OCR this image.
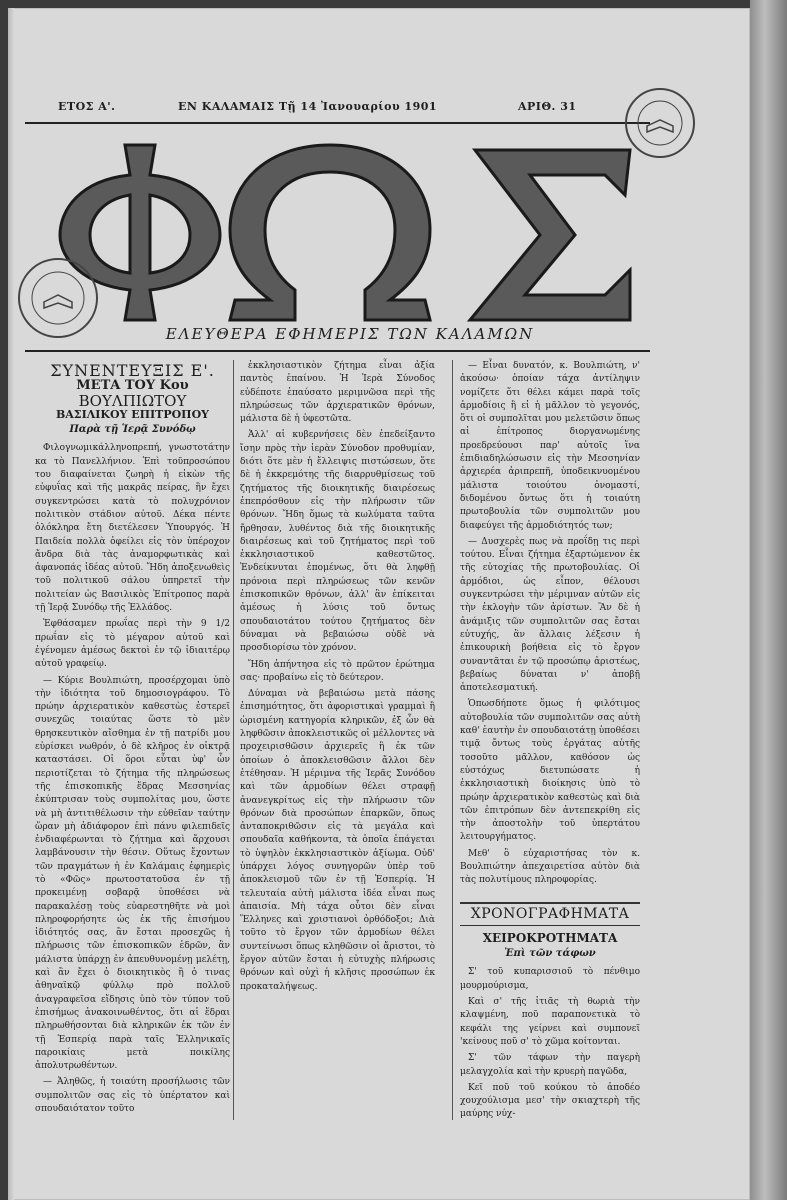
ΕΤΟΣ Α'.	ΕΝ ΚΑΛΑΜΑΙΣ Τῇ 14 Ἰανουαρίου 1901	ΑΡΙΘ. 31
ΕΛΕΥΘΕΡΑ ΕΦΗΜΕΡΙΣ ΤΩΝ ΚΑΛΑΜΩΝ
ΣΥΝΕΝΤΕΥΞΙΣ Ε'.
ΜΕΤΑ ΤΟΥ Κου
ΒΟΥΛΠΙΩΤΟΥ
ΒΑΣΙΛΙΚΟΥ ΕΠΙΤΡΟΠΟΥ
Παρὰ τῇ Ἱερᾷ Συνόδῳ

Φιλογνωμικάλληνοπρεπή, γνωστοτάτην κα τὸ Πανελλήνιον. Ἐπὶ τοῦπροσώπου του διαφαίνεται ζωηρὴ ἡ εἰκὼν τῆς εὐφυΐας καὶ τῆς μακρᾶς πείρας, ἣν ἔχει συγκεντρώσει κατὰ τὸ πολυχρόνιον πολιτικὸν στάδιον αὐτοῦ. Δέκα πέντε ὁλόκληρα ἔτη διετέλεσεν Ὑπουργός. Ἡ Παιδεία πολλὰ ὀφείλει εἰς τὸν ὑπέροχον ἄνδρα διὰ τὰς ἀναμορφωτικὰς καὶ ἀφανοπάς ἰδέας αὐτοῦ. Ἤδη ἀποξενωθεὶς τοῦ πολιτικοῦ σάλου ὑπηρετεῖ τὴν πολιτείαν ὡς Βασιλικὸς Ἐπίτροπος παρὰ τῇ Ἱερᾷ Συνόδῳ τῆς Ἑλλάδος.

Ἐφθάσαμεν πρωΐας περὶ τὴν 9 1/2 πρωΐαν εἰς τὸ μέγαρον αὐτοῦ καὶ ἐγένομεν ἀμέσως δεκτοὶ ἐν τῷ ἰδιαιτέρῳ αὐτοῦ γραφείῳ.

— Κύριε Βουλπιώτη, προσέρχομαι ὑπὸ τὴν ἰδιότητα τοῦ δημοσιογράφου. Τὸ πρώην ἀρχιερατικὸν καθεστὼς ἐστερεῖ συνεχῶς τοιαύτας ὥστε τὸ μὲν θρησκευτικὸν αἴσθημα ἐν τῇ πατρίδι μου εὑρίσκει νωθρόν, ὁ δὲ κλῆρος ἐν οἰκτρᾷ καταστάσει. Οἱ ὅροι εὗται ὑφ' ὧν περιοτίζεται τὸ ζήτημα τῆς πληρώσεως τῆς ἐπισκοπικῆς ἕδρας Μεσσηνίας ἐκύπτρισαν τοὺς συμπολίτας μου, ὥστε νὰ μὴ ἀντιτιθέλωσιν τὴν εὐθεῖαν ταύτην ὥραν μὴ ἀδιάφορον ἐπὶ πάνυ φιλεπιδεῖς ἐνδιαφέρωνται τὸ ζήτημα καὶ ἄρχουσι λαμβάνουσιν τὴν θέσιν. Οὕτως ἔχοντων τῶν πραγμάτων ἡ ἐν Καλάμαις ἐφημερὶς τὸ «Φῶς» πρωτοστατοῦσα ἐν τῇ προκειμένῃ σοβαρᾷ ὑποθέσει νὰ παρακαλέσῃ τοὺς εὐαρεστηθῆτε νὰ μοὶ πληροφορήσητε ὡς ἐκ τῆς ἐπισήμου ἰδιότητός σας, ἂν ἔσται προσεχῶς ἡ πλήρωσις τῶν ἐπισκοπικῶν ἑδρῶν, ἂν μάλιστα ὑπάρχῃ ἐν ἀπευθυνομένῃ μελέτῃ, καὶ ἂν ἔχει ὁ διοικητικὸς ἢ ὁ τινας ἀθηναϊκῷ φύλλῳ πρὸ πολλοῦ ἀναγραφεῖσα εἴδησις ὑπὸ τὸν τύπον τοῦ ἐπισήμως ἀνακοινωθέντος, ὅτι αἱ ἕδραι πληρωθήσονται διὰ κληρικῶν ἐκ τῶν ἐν τῇ Ἑσπερίᾳ παρὰ ταῖς Ἑλληνικαῖς παροικίαις μετὰ ποικίλης ἀπολυτρωθέντων.

— Ἀληθῶς, ἡ τοιαύτη προσήλωσις τῶν συμπολιτῶν σας εἰς τὸ ὑπέρτατον καὶ σπουδαιότατον τοῦτο

ἐκκλησιαστικὸν ζήτημα εἶναι ἀξία παντὸς ἐπαίνου. Ἡ Ἱερὰ Σύνοδος εὐδέποτε ἐπαύσατο μεριμνῶσα περὶ τῆς πληρώσεως τῶν ἀρχιερατικῶν θρόνων, μάλιστα δὲ ἡ ὑφεστῶτα.

Ἀλλ' αἱ κυβερνήσεις δὲν ἐπεδείξαντο ἴσην πρὸς τὴν ἱερὰν Σύνοδον προθυμίαν, διότι ὅτε μὲν ἡ ἔλλειψις πιστώσεων, ὅτε δὲ ἡ ἐκκρεμότης τῆς διαρρυθμίσεως τοῦ ζητήματος τῆς διοικητικῆς διαιρέσεως ἐπεπρόσθουν εἰς τὴν πλήρωσιν τῶν θρόνων. Ἤδη ὅμως τὰ κωλύματα ταῦτα ἤρθησαν, λυθέντος διὰ τῆς διοικητικῆς διαιρέσεως καὶ τοῦ ζητήματος περὶ τοῦ ἐκκλησιαστικοῦ καθεστῶτος. Ἐνδείκνυται ἑπομένως, ὅτι θὰ ληφθῇ πρόνοια περὶ πληρώσεως τῶν κενῶν ἐπισκοπικῶν θρόνων, ἀλλ' ἂν ἐπίκειται ἀμέσως ἡ λύσις τοῦ ὄντως σπουδαιοτάτου τούτου ζητήματος δὲν δύναμαι νὰ βεβαιώσω οὐδὲ νὰ προσδιορίσω τὸν χρόνον.

Ἤδη ἀπήντησα εἰς τὸ πρῶτον ἐρώτημα σας· προβαίνω εἰς τὸ δεύτερον.

Δύναμαι νὰ βεβαιώσω μετὰ πάσης ἐπισημότητος, ὅτι ἀφοριστικαὶ γραμμαὶ ἢ ὡρισμένη κατηγορία κληρικῶν, ἐξ ὧν θὰ ληφθῶσιν ἀποκλειστικῶς οἱ μέλλοντες νὰ προχειρισθῶσιν ἀρχιερεῖς ἢ ἐκ τῶν ὁποίων ὁ ἀποκλεισθῶσιν ἄλλοι δὲν ἐτέθησαν. Ἡ μέριμνα τῆς Ἱερᾶς Συνόδου καὶ τῶν ἁρμοδίων θέλει στραφῇ ἀνανεγκρίτως εἰς τὴν πλήρωσιν τῶν θρόνων διὰ προσώπων ἐπαρκῶν, ὅπως ἀνταποκριθῶσιν εἰς τὰ μεγάλα καὶ σπουδαῖα καθήκοντα, τὰ ὁποῖα ἐπάγεται τὸ ὑψηλὸν ἐκκλησιαστικὸν ἀξίωμα. Οὐδ' ὑπάρχει λόγος συνηγορῶν ὑπὲρ τοῦ ἀποκλεισμοῦ τῶν ἐν τῇ Ἑσπερίᾳ. Ἡ τελευταία αὐτὴ μάλιστα ἰδέα εἶναι πως ἀπαισία. Μὴ τάχα οὗτοι δὲν εἶναι Ἕλληνες καὶ χριστιανοὶ ὀρθόδοξοι; Διὰ τοῦτο τὸ ἔργον τῶν ἁρμοδίων θέλει συντείνωσι ὅπως κληθῶσιν οἱ ἄριστοι, τὸ ἔργον αὐτῶν ἔσται ἡ εὐτυχὴς πλήρωσις θρόνων καὶ οὐχὶ ἡ κλῆσις προσώπων ἐκ προκαταλήψεως.

— Εἶναι δυνατόν, κ. Βουλπιώτη, ν' ἀκούσω· ὁποίαν τάχα ἀντίληψιν νομίζετε ὅτι θέλει κάμει παρὰ τοῖς ἁρμοδίοις ἢ εἰ ἡ μᾶλλον τὸ γεγονός, ὅτι οἱ συμπολῖται μου μελετῶσιν ὅπως αἱ ἐπίτροπος διοργανωμένης προεδρεύουσι παρ' αὐτοῖς ἵνα ἐπιδιαδηλώσωσιν εἰς τὴν Μεσσηνίαν ἀρχιερέα ἀριπρεπῆ, ὑποδεικνυομένου μάλιστα τοιούτου ὀνομαστί, διδομένου ὄντως ὅτι ἡ τοιαύτη πρωτοβουλία τῶν συμπολιτῶν μου διαφεύγει τῆς ἁρμοδιότητός των;

— Δυσχερὲς πως νὰ προΐδῃ τις περὶ τούτου. Εἶναι ζήτημα ἐξαρτώμενον ἐκ τῆς εὐτοχίας τῆς πρωτοβουλίας. Οἱ ἁρμόδιοι, ὡς εἶπον, θέλουσι συγκεντρώσει τὴν μέριμναν αὐτῶν εἰς τὴν ἐκλογὴν τῶν ἀρίστων. Ἂν δὲ ἡ ἀνάμιξις τῶν συμπολιτῶν σας ἔσται εὐτυχής, ἂν ἄλλαις λέξεσιν ἡ ἐπικουρικὴ βοήθεια εἰς τὸ ἔργον συναντᾶται ἐν τῷ προσώπῳ ἀριστέως, βεβαίως δύναται ν' ἀποβῇ ἀποτελεσματική.

Ὁπωσδήποτε ὅμως ἡ φιλότιμος αὐτοβουλία τῶν συμπολιτῶν σας αὐτὴ καθ' ἑαυτὴν ἐν σπουδαιοτάτῃ ὑποθέσει τιμᾷ ὄντως τοὺς ἐργάτας αὐτῆς τοσοῦτο μᾶλλον, καθόσον ὡς εὐστόχως διετυπώσατε ἡ ἐκκλησιαστικὴ διοίκησις ὑπὸ τὸ πρώην ἀρχιερατικὸν καθεστὼς καὶ διὰ τῶν ἐπιτρόπων δὲν ἀντεπεκρίθη εἰς τὴν ἀποστολὴν τοῦ ὑπερτάτου λειτουργήματος.

Μεθ' ὃ εὐχαριστήσας τὸν κ. Βουλπιώτην ἀπεχαιρετίσα αὐτὸν διὰ τὰς πολυτίμους πληροφορίας.

ΧΡΟΝΟΓΡΑΦΗΜΑΤΑ
ΧΕΙΡΟΚΡΟΤΗΜΑΤΑ
Ἐπὶ τῶν τάφων

Σ' τοῦ κυπαρισσιοῦ τὸ πένθιμο μουρμούρισμα,

Καὶ σ' τῆς ἰτιᾶς τὴ θωριὰ τὴν κλαψμένη, ποῦ παραπονετικὰ τὸ κεφάλι της γείρνει καὶ συμπονεῖ 'κείνους ποῦ σ' τὸ χῶμα κοίτονται.

Σ' τῶν τάφων τὴν παγερὴ μελαγχολία καὶ τὴν κρυερὴ παγῶδα,

Κεῖ ποῦ τοῦ κούκου τὸ ἀποδέο χουχούλισμα μεσ' τὴν σκιαχτερὴ τῆς μαύρης νύχ-
